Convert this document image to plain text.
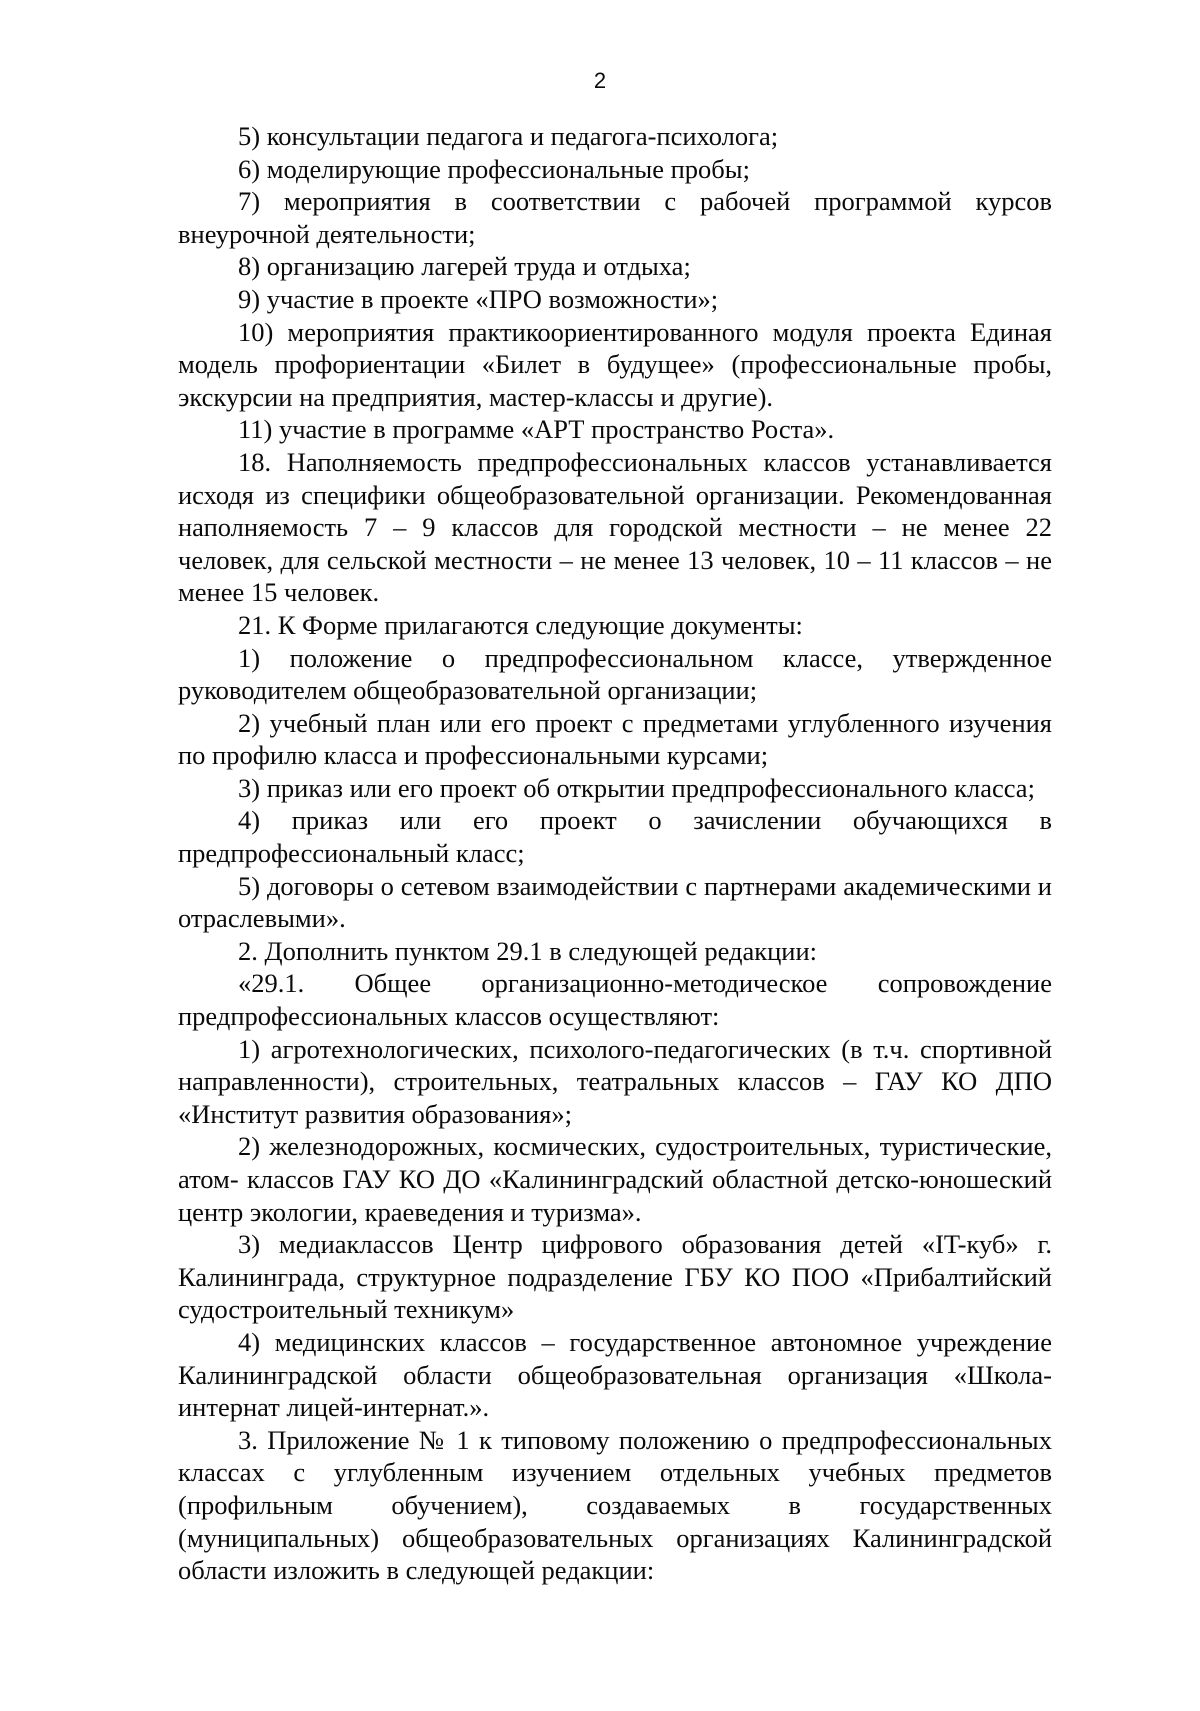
2

5) консультации педагога и педагога-психолога;

6) моделирующие профессиональные пробы;

7) мероприятия в соответствии с рабочей программой курсов внеурочной деятельности;

8) организацию лагерей труда и отдыха;

9) участие в проекте «ПРО возможности»;

10) мероприятия практикоориентированного модуля проекта Единая модель профориентации «Билет в будущее» (профессиональные пробы, экскурсии на предприятия, мастер-классы и другие).

11) участие в программе «АРТ пространство Роста».

18. Наполняемость предпрофессиональных классов устанавливается исходя из специфики общеобразовательной организации. Рекомендованная наполняемость 7 – 9 классов для городской местности – не менее 22 человек, для сельской местности – не менее 13 человек, 10 – 11 классов – не менее 15 человек.

21. К Форме прилагаются следующие документы:

1) положение о предпрофессиональном классе, утвержденное руководителем общеобразовательной организации;

2) учебный план или его проект с предметами углубленного изучения по профилю класса и профессиональными курсами;

3) приказ или его проект об открытии предпрофессионального класса;

4) приказ или его проект о зачислении обучающихся в предпрофессиональный класс;

5) договоры о сетевом взаимодействии с партнерами академическими и отраслевыми».

2. Дополнить пунктом 29.1 в следующей редакции:

«29.1. Общее организационно-методическое сопровождение предпрофессиональных классов осуществляют:

1) агротехнологических, психолого-педагогических (в т.ч. спортивной направленности), строительных, театральных классов – ГАУ КО ДПО «Институт развития образования»;

2) железнодорожных, космических, судостроительных, туристические, атом- классов ГАУ КО ДО «Калининградский областной детско-юношеский центр экологии, краеведения и туризма».

3) медиаклассов Центр цифрового образования детей «IT-куб» г. Калининграда, структурное подразделение ГБУ КО ПОО «Прибалтийский судостроительный техникум»

4) медицинских классов – государственное автономное учреждение Калининградской области общеобразовательная организация «Школа-интернат лицей-интернат.».

3. Приложение № 1 к типовому положению о предпрофессиональных классах с углубленным изучением отдельных учебных предметов (профильным обучением), создаваемых в государственных (муниципальных) общеобразовательных организациях Калининградской области изложить в следующей редакции:
